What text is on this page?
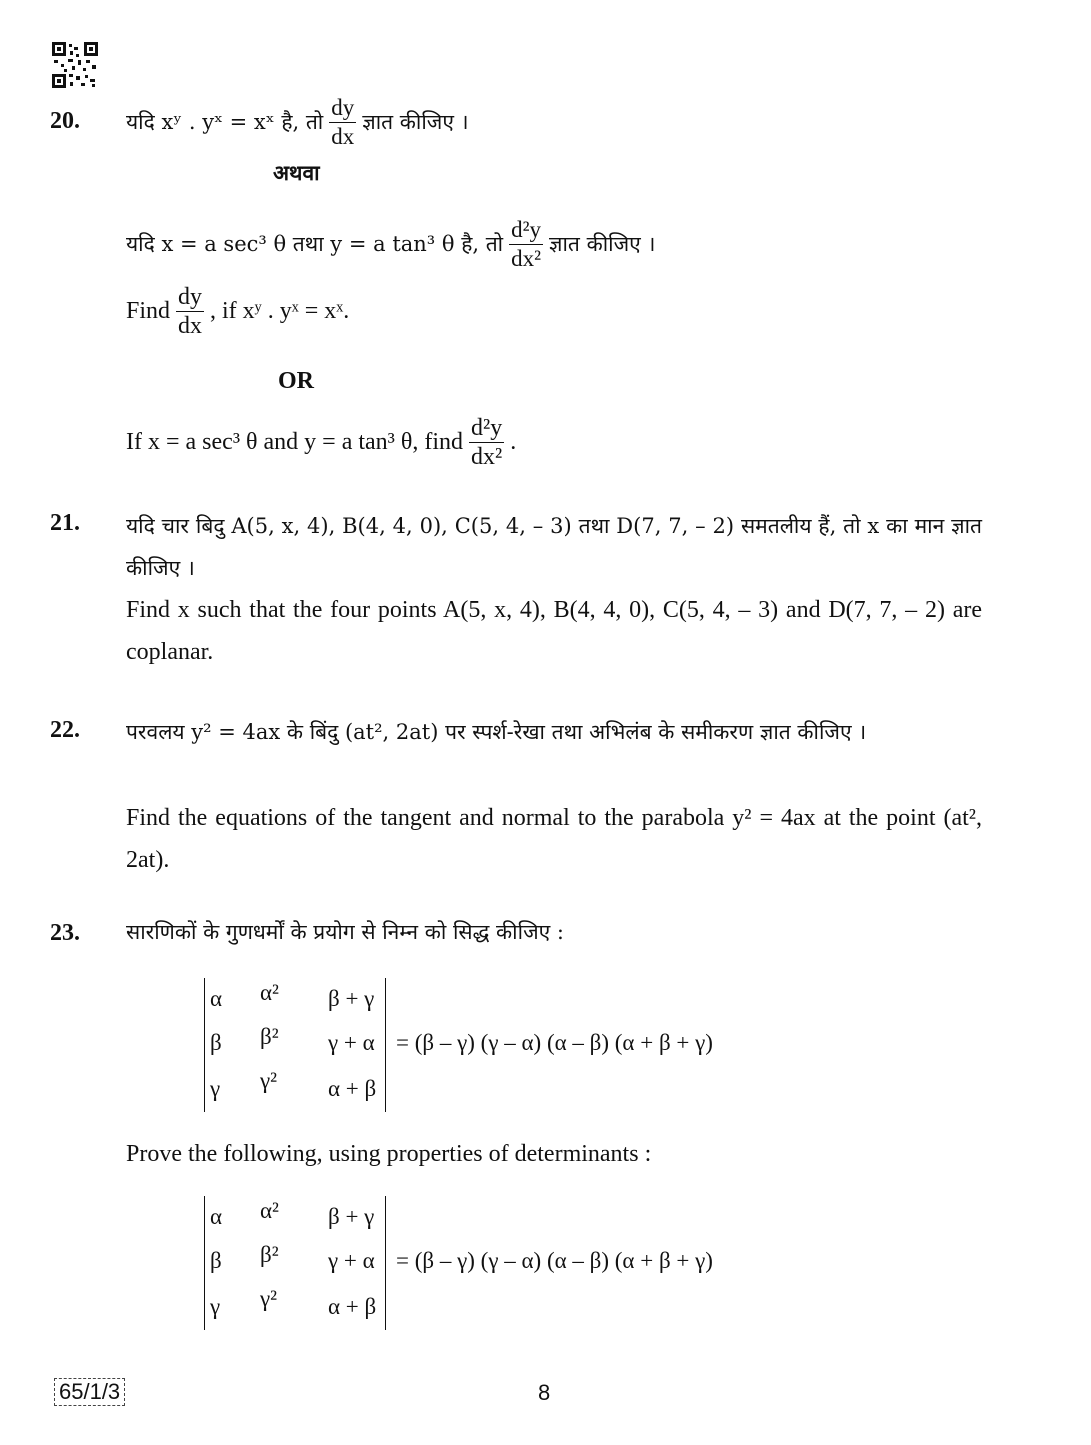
20. यदि xʸ . yˣ = xˣ है, तो $\frac{dy}{dx}$ ज्ञात कीजिए ।
अथवा
यदि x = a sec³ θ तथा y = a tan³ θ है, तो $\frac{\text{d²y}}{\text{dx²}}$ ज्ञात कीजिए ।
Find $\frac{dy}{dx}$ , if xʸ . yˣ = xˣ.
OR
If x = a sec³ θ and y = a tan³ θ, find $\frac{\text{d²y}}{\text{dx²}}$ .
21. यदि चार बिदु A(5, x, 4), B(4, 4, 0), C(5, 4, – 3) तथा D(7, 7, – 2) समतलीय हैं, तो x का मान ज्ञात कीजिए ।
Find x such that the four points A(5, x, 4), B(4, 4, 0), C(5, 4, – 3) and D(7, 7, – 2) are coplanar.
22. परवलय y² = 4ax के बिंदु (at², 2at) पर स्पर्श-रेखा तथा अभिलंब के समीकरण ज्ञात कीजिए ।
Find the equations of the tangent and normal to the parabola y² = 4ax at the point (at², 2at).
23. सारणिकों के गुणधर्मों के प्रयोग से निम्न को सिद्ध कीजिए :
α α² β + γ
β β² γ + α
γ γ² α + β
= (β – γ) (γ – α) (α – β) (α + β + γ)
Prove the following, using properties of determinants :
α α² β + γ
β β² γ + α
γ γ² α + β
= (β – γ) (γ – α) (α – β) (α + β + γ)
65/1/3	8
